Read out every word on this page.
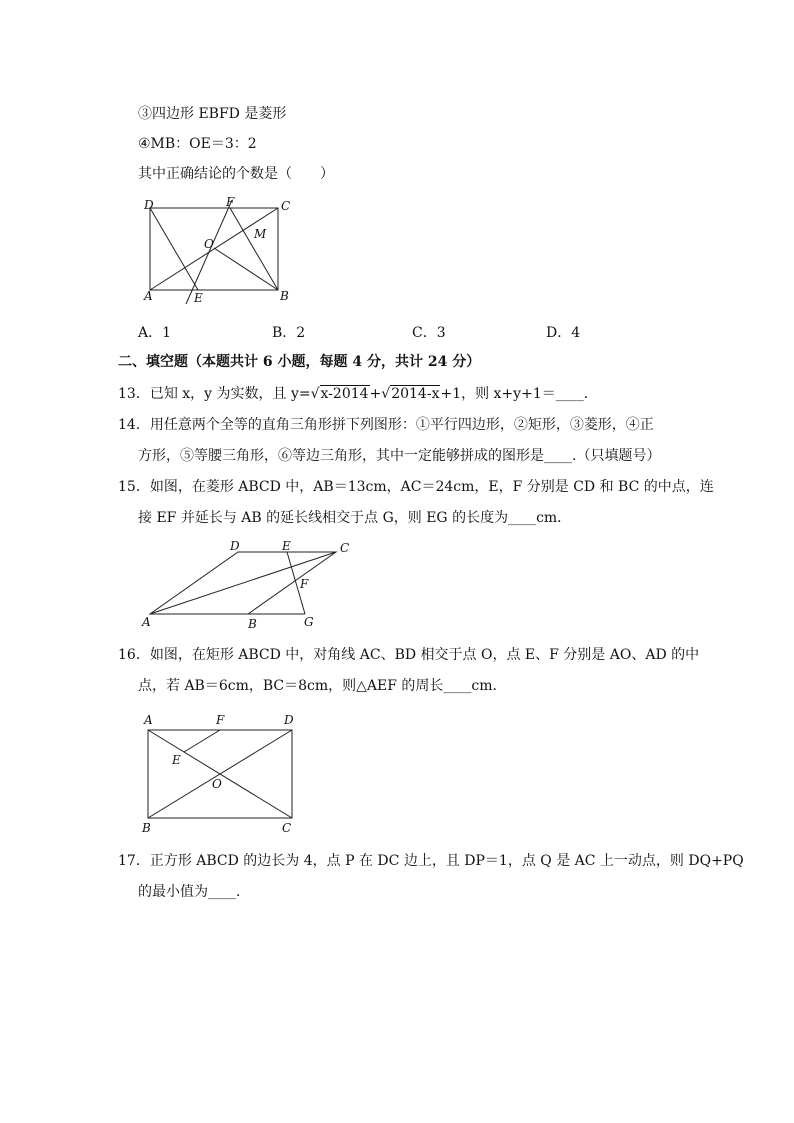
③四边形 EBFD 是菱形
④MB：OE＝3：2
其中正确结论的个数是（　　）
D	F	C
O
M
A	E	B
A．1	B．2	C．3	D．4
二、填空题（本题共计 6 小题，每题 4 分，共计 24 分）
13．已知 x，y 为实数，且 y=√x-2014+√2014-x+1，则 x+y+1＝____．
14．用任意两个全等的直角三角形拼下列图形：①平行四边形，②矩形，③菱形，④正
方形，⑤等腰三角形，⑥等边三角形，其中一定能够拼成的图形是____.（只填题号）
15．如图，在菱形 ABCD 中，AB＝13cm，AC＝24cm，E，F 分别是 CD 和 BC 的中点，连
接 EF 并延长与 AB 的延长线相交于点 G，则 EG 的长度为____cm．
D	E	C
F
A	B	G
16．如图，在矩形 ABCD 中，对角线 AC、BD 相交于点 O，点 E、F 分别是 AO、AD 的中
点，若 AB＝6cm，BC＝8cm，则△AEF 的周长____cm．
A	F	D
E
O
B	C
17．正方形 ABCD 的边长为 4，点 P 在 DC 边上，且 DP＝1，点 Q 是 AC 上一动点，则 DQ+PQ
的最小值为____．
